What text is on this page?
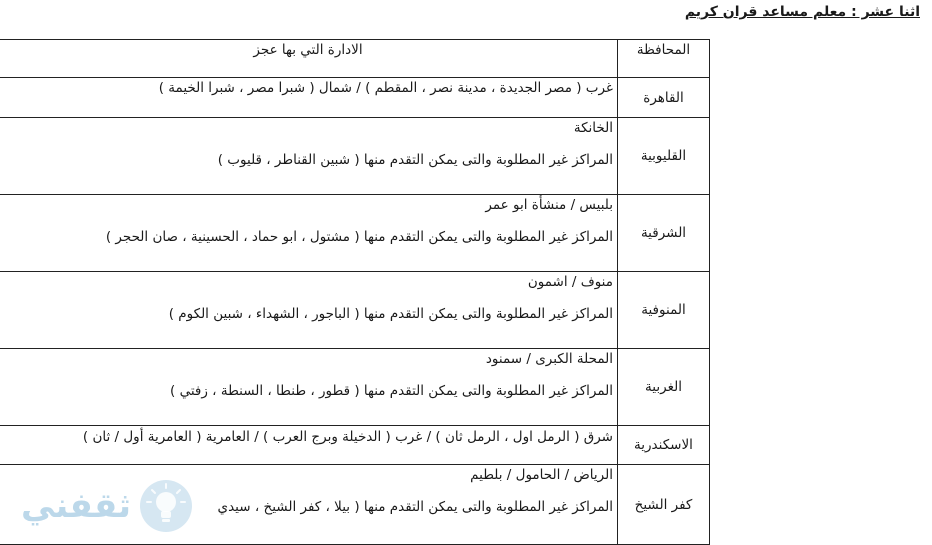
اثنا عشر : معلم مساعد قران كريم
المحافظة	الادارة التي بها عجز

القاهرة	غرب ( مصر الجديدة ، مدينة نصر ، المقطم ) / شمال ( شبرا مصر ، شبرا الخيمة )

القليوبية	الخانكة
المراكز غير المطلوبة والتى يمكن التقدم منها ( شبين القناطر ، قليوب )

الشرقية	بلبيس / منشأة ابو عمر
المراكز غير المطلوبة والتى يمكن التقدم منها ( مشتول ، ابو حماد ، الحسينية ، صان الحجر )

المنوفية	منوف / اشمون
المراكز غير المطلوبة والتى يمكن التقدم منها ( الباجور ، الشهداء ، شبين الكوم )

الغربية	المحلة الكبرى / سمنود
المراكز غير المطلوبة والتى يمكن التقدم منها ( قطور ، طنطا ، السنطة ، زفتي )

الاسكندرية	شرق ( الرمل اول ، الرمل ثان ) / غرب ( الدخيلة وبرج العرب ) / العامرية ( العامرية أول / ثان )

كفر الشيخ	الرياض / الحامول / بلطيم
المراكز غير المطلوبة والتى يمكن التقدم منها ( بيلا ، كفر الشيخ ، سيدي
ثقفني
